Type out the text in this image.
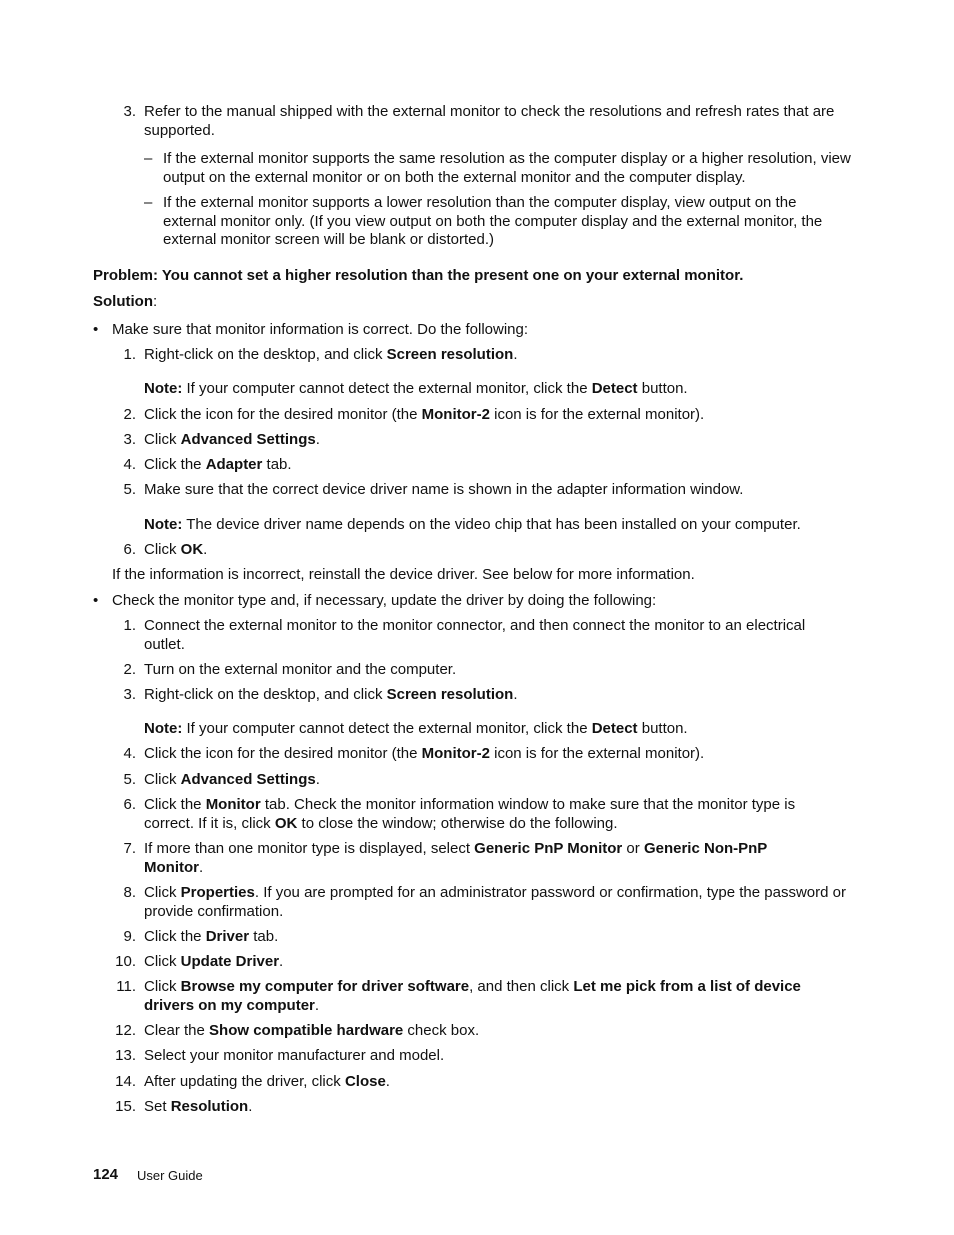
3. Refer to the manual shipped with the external monitor to check the resolutions and refresh rates that are supported.
– If the external monitor supports the same resolution as the computer display or a higher resolution, view output on the external monitor or on both the external monitor and the computer display.
– If the external monitor supports a lower resolution than the computer display, view output on the external monitor only. (If you view output on both the computer display and the external monitor, the external monitor screen will be blank or distorted.)
Problem: You cannot set a higher resolution than the present one on your external monitor.
Solution:
• Make sure that monitor information is correct. Do the following:
1. Right-click on the desktop, and click Screen resolution.
Note: If your computer cannot detect the external monitor, click the Detect button.
2. Click the icon for the desired monitor (the Monitor-2 icon is for the external monitor).
3. Click Advanced Settings.
4. Click the Adapter tab.
5. Make sure that the correct device driver name is shown in the adapter information window.
Note: The device driver name depends on the video chip that has been installed on your computer.
6. Click OK.
If the information is incorrect, reinstall the device driver. See below for more information.
• Check the monitor type and, if necessary, update the driver by doing the following:
1. Connect the external monitor to the monitor connector, and then connect the monitor to an electrical outlet.
2. Turn on the external monitor and the computer.
3. Right-click on the desktop, and click Screen resolution.
Note: If your computer cannot detect the external monitor, click the Detect button.
4. Click the icon for the desired monitor (the Monitor-2 icon is for the external monitor).
5. Click Advanced Settings.
6. Click the Monitor tab. Check the monitor information window to make sure that the monitor type is correct. If it is, click OK to close the window; otherwise do the following.
7. If more than one monitor type is displayed, select Generic PnP Monitor or Generic Non-PnP Monitor.
8. Click Properties. If you are prompted for an administrator password or confirmation, type the password or provide confirmation.
9. Click the Driver tab.
10. Click Update Driver.
11. Click Browse my computer for driver software, and then click Let me pick from a list of device drivers on my computer.
12. Clear the Show compatible hardware check box.
13. Select your monitor manufacturer and model.
14. After updating the driver, click Close.
15. Set Resolution.
124 User Guide
